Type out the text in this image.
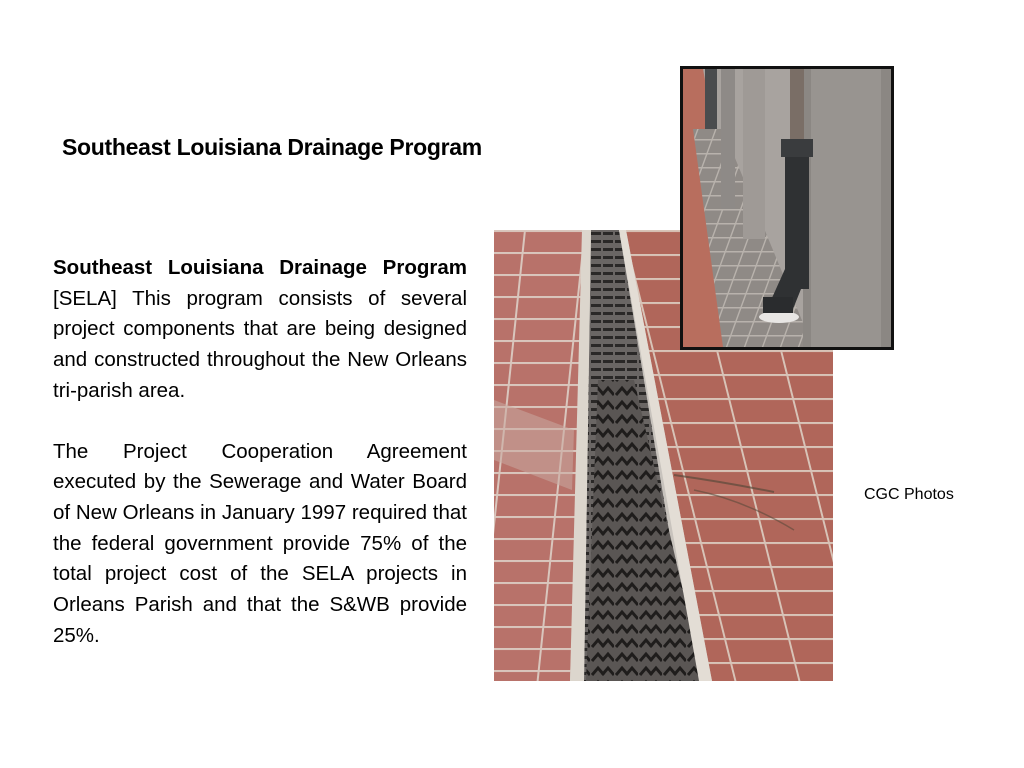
Southeast Louisiana Drainage Program

Southeast Louisiana Drainage Program [SELA] This program consists of several project components that are being designed and constructed throughout the New Orleans tri-parish area.

The Project Cooperation Agreement executed by the Sewerage and Water Board of New Orleans in January 1997 required that the federal government provide 75% of the total project cost of the SELA projects in Orleans Parish and that the S&WB provide 25%.

CGC Photos
